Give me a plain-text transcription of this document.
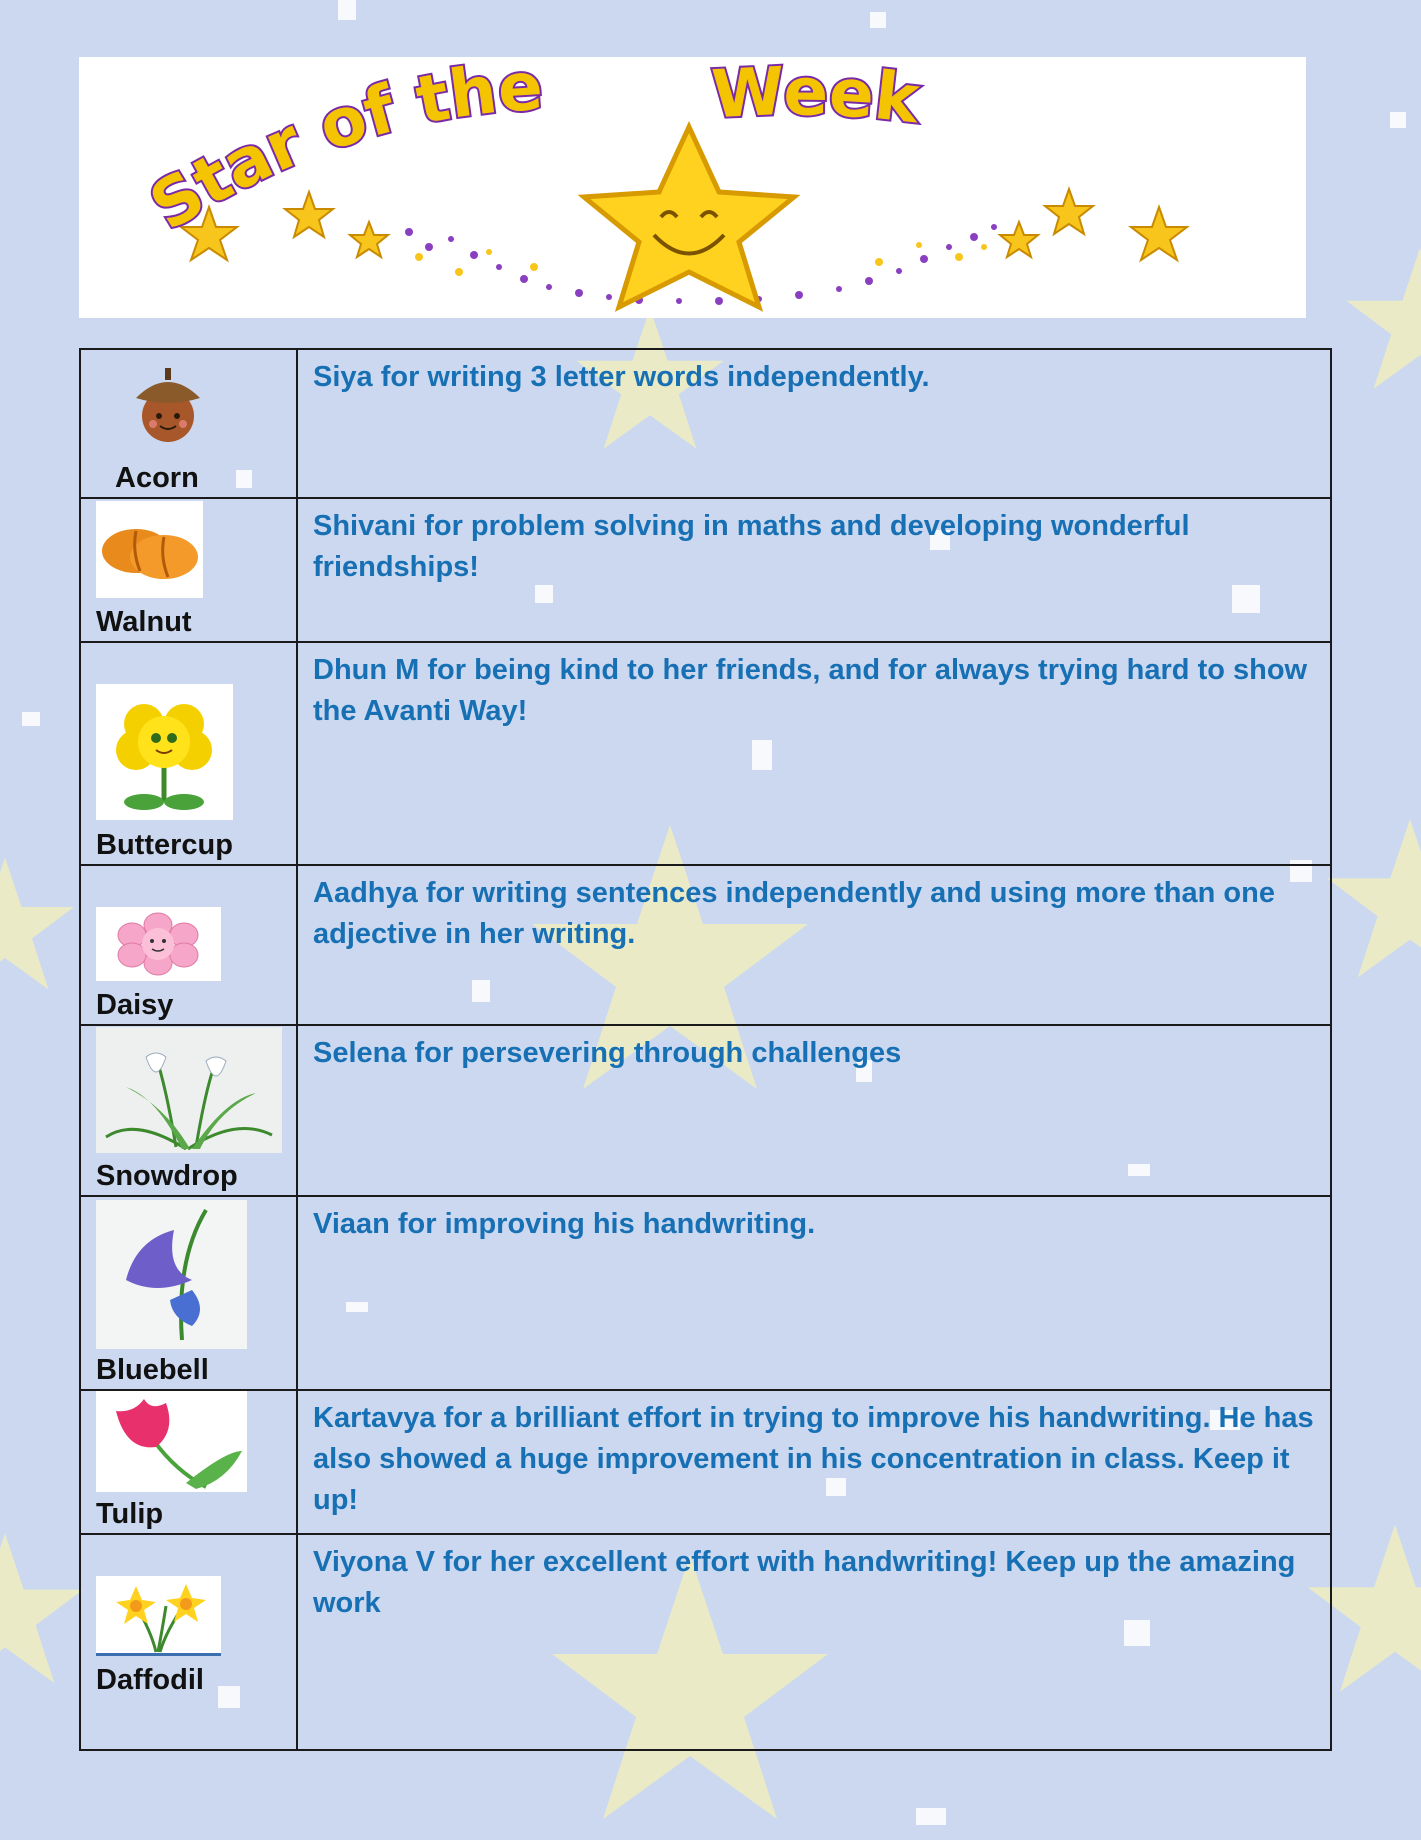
Star of the Week
Acorn	Siya for writing 3 letter words independently.

Walnut	Shivani for problem solving in maths and developing wonderful friendships!

Buttercup	Dhun M for being kind to her friends, and for always trying hard to show the Avanti Way!

Daisy	Aadhya for writing sentences independently and using more than one adjective in her writing.

Snowdrop	Selena for persevering through challenges

Bluebell	Viaan for improving his handwriting.

Tulip	Kartavya for a brilliant effort in trying to improve his handwriting. He has also showed a huge improvement in his concentration in class. Keep it up!

Daffodil	Viyona V for her excellent effort with handwriting! Keep up the amazing work
